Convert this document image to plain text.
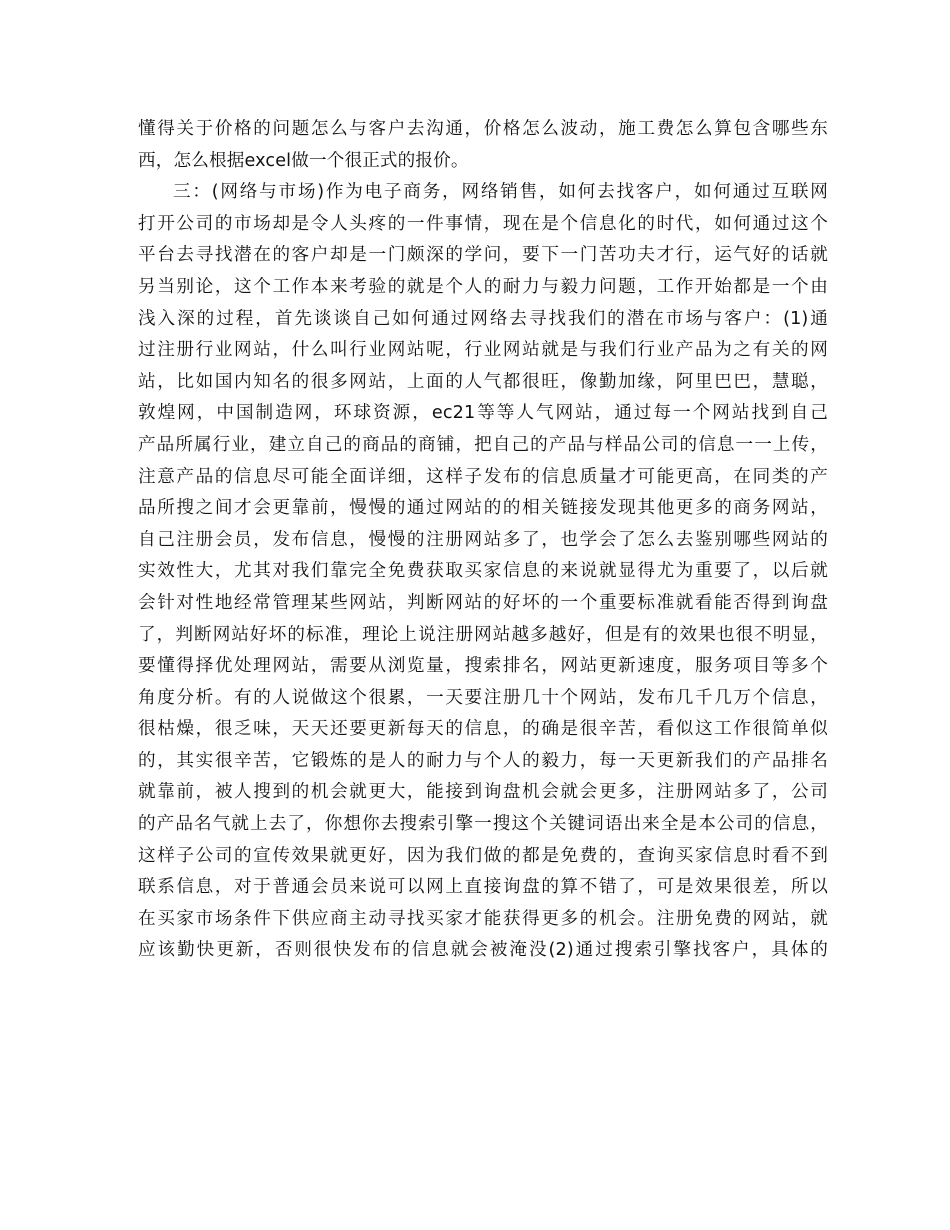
懂得关于价格的问题怎么与客户去沟通，价格怎么波动，施工费怎么算包含哪些东
西，怎么根据excel做一个很正式的报价。
三：(网络与市场)作为电子商务，网络销售，如何去找客户，如何通过互联网
打开公司的市场却是令人头疼的一件事情，现在是个信息化的时代，如何通过这个
平台去寻找潜在的客户却是一门颇深的学问，要下一门苦功夫才行，运气好的话就
另当别论，这个工作本来考验的就是个人的耐力与毅力问题，工作开始都是一个由
浅入深的过程，首先谈谈自己如何通过网络去寻找我们的潜在市场与客户：(1)通
过注册行业网站，什么叫行业网站呢，行业网站就是与我们行业产品为之有关的网
站，比如国内知名的很多网站，上面的人气都很旺，像勤加缘，阿里巴巴，慧聪，
敦煌网，中国制造网，环球资源，ec21等等人气网站，通过每一个网站找到自己
产品所属行业，建立自己的商品的商铺，把自己的产品与样品公司的信息一一上传，
注意产品的信息尽可能全面详细，这样子发布的信息质量才可能更高，在同类的产
品所搜之间才会更靠前，慢慢的通过网站的的相关链接发现其他更多的商务网站，
自己注册会员，发布信息，慢慢的注册网站多了，也学会了怎么去鉴别哪些网站的
实效性大，尤其对我们靠完全免费获取买家信息的来说就显得尤为重要了，以后就
会针对性地经常管理某些网站，判断网站的好坏的一个重要标准就看能否得到询盘
了，判断网站好坏的标准，理论上说注册网站越多越好，但是有的效果也很不明显，
要懂得择优处理网站，需要从浏览量，搜索排名，网站更新速度，服务项目等多个
角度分析。有的人说做这个很累，一天要注册几十个网站，发布几千几万个信息，
很枯燥，很乏味，天天还要更新每天的信息，的确是很辛苦，看似这工作很简单似
的，其实很辛苦，它锻炼的是人的耐力与个人的毅力，每一天更新我们的产品排名
就靠前，被人搜到的机会就更大，能接到询盘机会就会更多，注册网站多了，公司
的产品名气就上去了，你想你去搜索引擎一搜这个关键词语出来全是本公司的信息，
这样子公司的宣传效果就更好，因为我们做的都是免费的，查询买家信息时看不到
联系信息，对于普通会员来说可以网上直接询盘的算不错了，可是效果很差，所以
在买家市场条件下供应商主动寻找买家才能获得更多的机会。注册免费的网站，就
应该勤快更新，否则很快发布的信息就会被淹没(2)通过搜索引擎找客户，具体的
